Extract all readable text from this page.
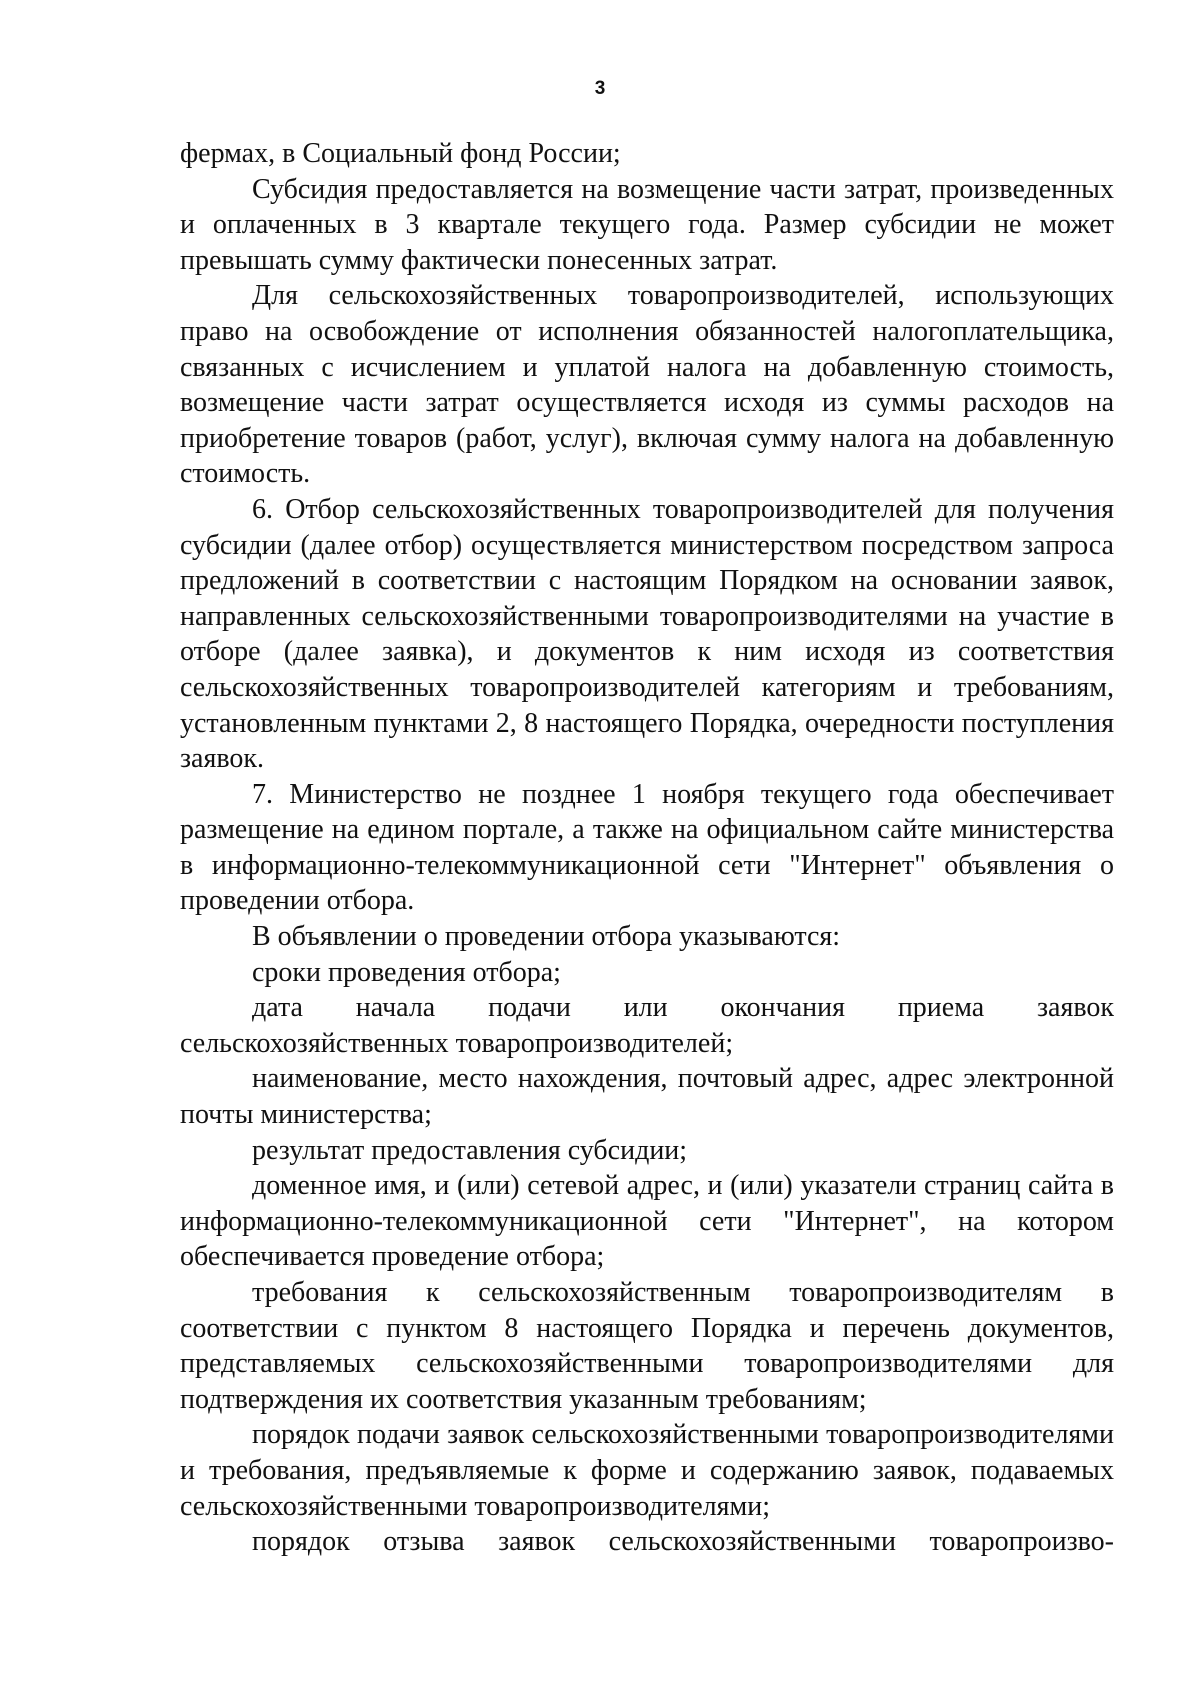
3

фермах, в Социальный фонд России;

Субсидия предоставляется на возмещение части затрат, произведенных и оплаченных в 3 квартале текущего года. Размер субсидии не может превышать сумму фактически понесенных затрат.

Для сельскохозяйственных товаропроизводителей, использующих право на освобождение от исполнения обязанностей налогоплательщика, связанных с исчислением и уплатой налога на добавленную стоимость, возмещение части затрат осуществляется исходя из суммы расходов на приобретение товаров (работ, услуг), включая сумму налога на добавленную стоимость.

6. Отбор сельскохозяйственных товаропроизводителей для получения субсидии (далее отбор) осуществляется министерством посредством запроса предложений в соответствии с настоящим Порядком на основании заявок, направленных сельскохозяйственными товаропроизводителями на участие в отборе (далее заявка), и документов к ним исходя из соответствия сельскохозяйственных товаропроизводителей категориям и требованиям, установленным пунктами 2, 8 настоящего Порядка, очередности поступления заявок.

7. Министерство не позднее 1 ноября текущего года обеспечивает размещение на едином портале, а также на официальном сайте министерства в информационно-телекоммуникационной сети "Интернет" объявления о проведении отбора.

В объявлении о проведении отбора указываются:

сроки проведения отбора;

дата начала подачи или окончания приема заявок сельскохозяйственных товаропроизводителей;

наименование, место нахождения, почтовый адрес, адрес электронной почты министерства;

результат предоставления субсидии;

доменное имя, и (или) сетевой адрес, и (или) указатели страниц сайта в информационно-телекоммуникационной сети "Интернет", на котором обеспечивается проведение отбора;

требования к сельскохозяйственным товаропроизводителям в соответствии с пунктом 8 настоящего Порядка и перечень документов, представляемых сельскохозяйственными товаропроизводителями для подтверждения их соответствия указанным требованиям;

порядок подачи заявок сельскохозяйственными товаропроизводителями и требования, предъявляемые к форме и содержанию заявок, подаваемых сельскохозяйственными товаропроизводителями;

порядок отзыва заявок сельскохозяйственными товаропроизво-
